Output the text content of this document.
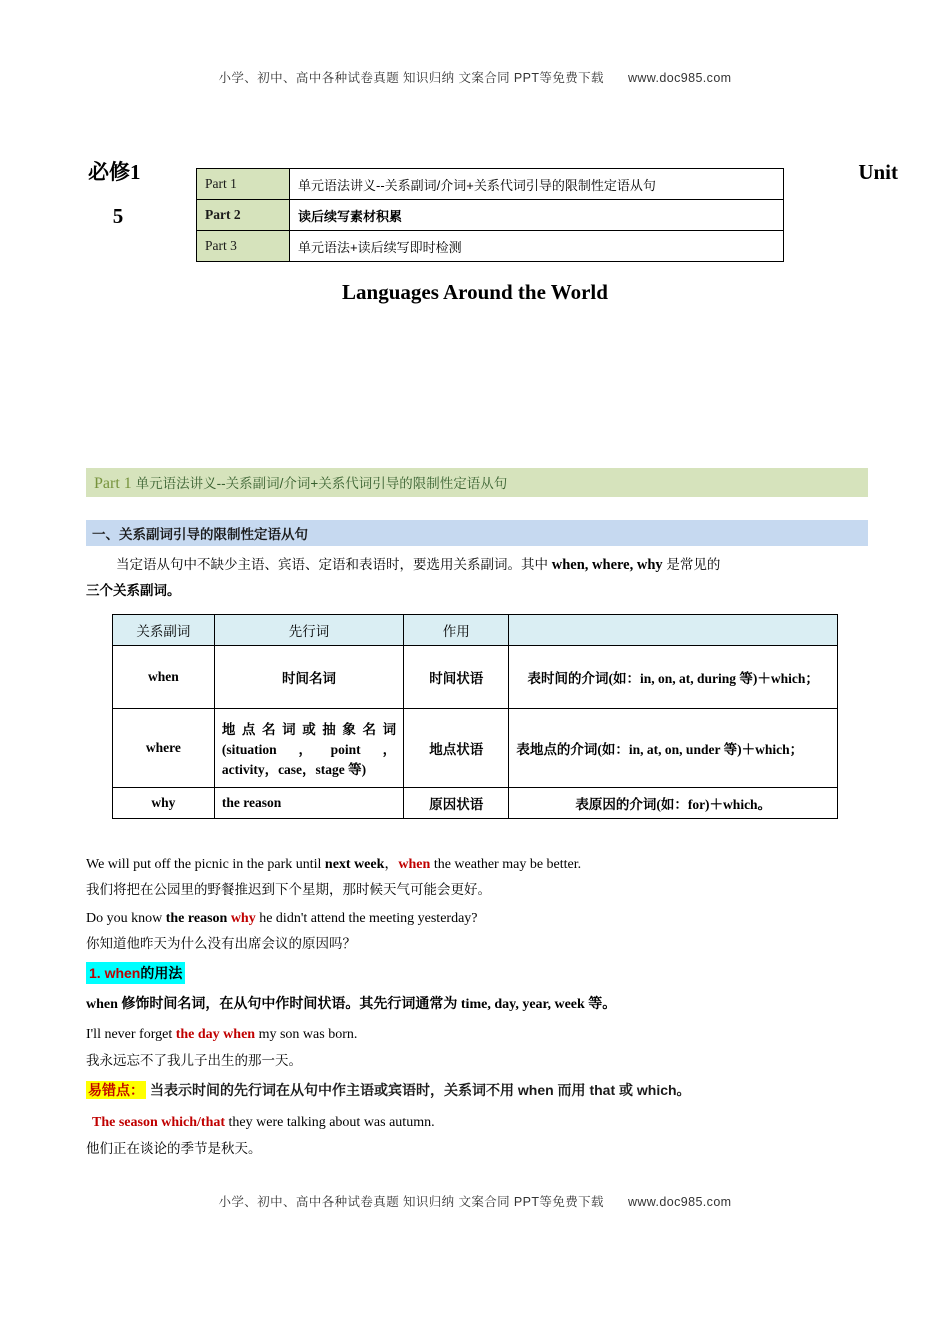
小学、初中、高中各种试卷真题 知识归纳 文案合同 PPT等免费下载 www.doc985.com
必修1
5
Unit
Part 1	单元语法讲义--关系副词/介词+关系代词引导的限制性定语从句
Part 2	读后续写素材积累
Part 3	单元语法+读后续写即时检测
Languages Around the World
Part 1 单元语法讲义--关系副词/介词+关系代词引导的限制性定语从句
一、关系副词引导的限制性定语从句
当定语从句中不缺少主语、宾语、定语和表语时，要选用关系副词。其中 when, where, why 是常见的
三个关系副词。
关系副词	先行词	作用	
when	时间名词	时间状语	表时间的介词(如：in, on, at, during 等)＋which；
where	地点名词或抽象名词(situation ，point ，activity，case，stage 等)	地点状语	表地点的介词(如：in, at, on, under 等)＋which；
why	the reason	原因状语	表原因的介词(如：for)＋which。
We will put off the picnic in the park until next week，when the weather may be better.
我们将把在公园里的野餐推迟到下个星期，那时候天气可能会更好。
Do you know the reason why he didn't attend the meeting yesterday?
你知道他昨天为什么没有出席会议的原因吗？
1. when的用法
when 修饰时间名词，在从句中作时间状语。其先行词通常为 time, day, year, week 等。
I'll never forget the day when my son was born.
我永远忘不了我儿子出生的那一天。
易错点： 当表示时间的先行词在从句中作主语或宾语时，关系词不用 when 而用 that 或 which。
The season which/that they were talking about was autumn.
他们正在谈论的季节是秋天。
小学、初中、高中各种试卷真题 知识归纳 文案合同 PPT等免费下载 www.doc985.com
